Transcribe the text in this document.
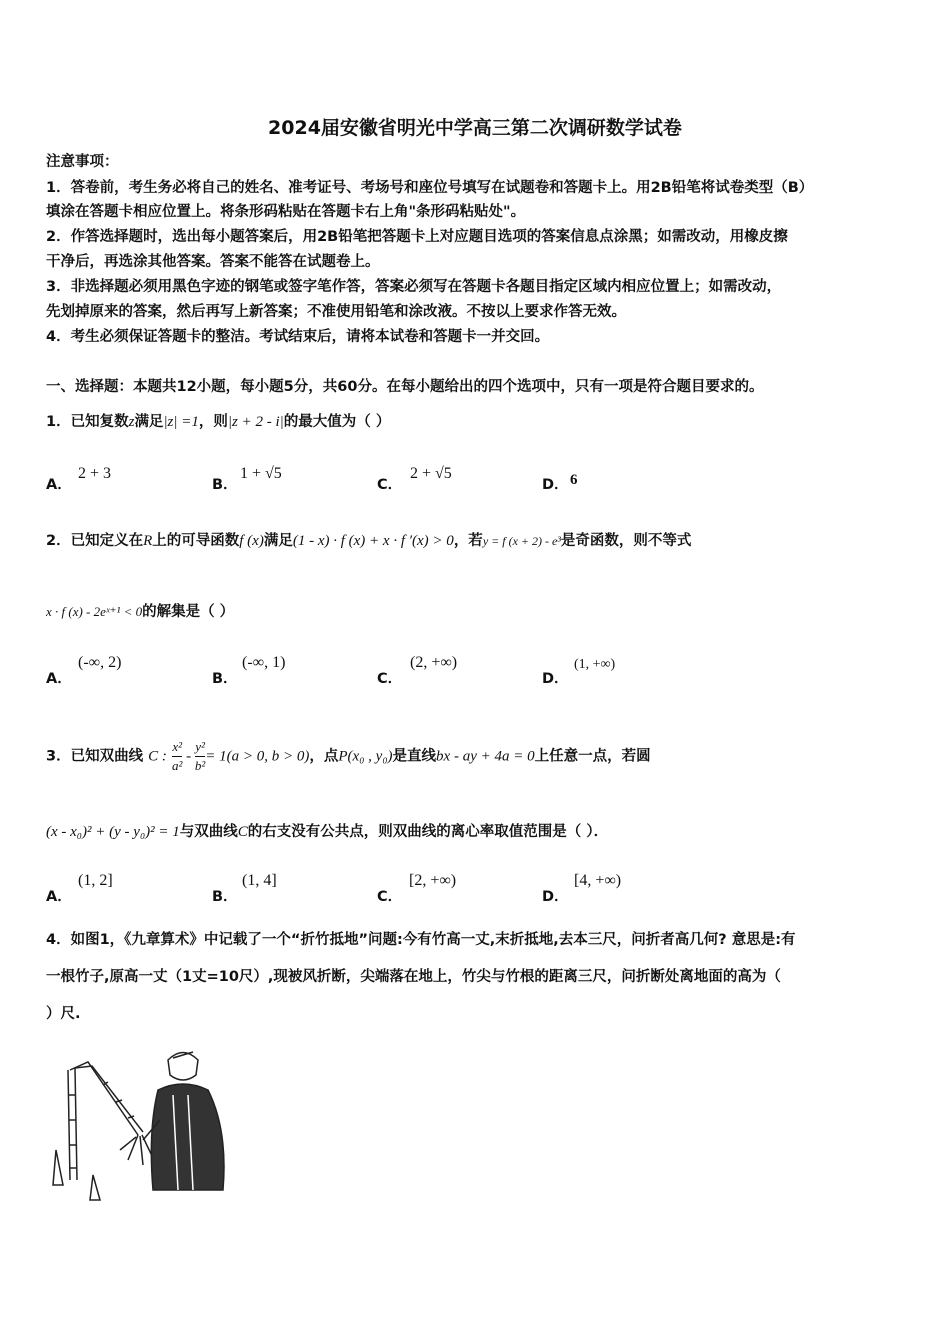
2024届安徽省明光中学高三第二次调研数学试卷
注意事项：
1．答卷前，考生务必将自己的姓名、准考证号、考场号和座位号填写在试题卷和答题卡上。用2B铅笔将试卷类型（B）
填涂在答题卡相应位置上。将条形码粘贴在答题卡右上角"条形码粘贴处"。
2．作答选择题时，选出每小题答案后，用2B铅笔把答题卡上对应题目选项的答案信息点涂黑；如需改动，用橡皮擦
干净后，再选涂其他答案。答案不能答在试题卷上。
3．非选择题必须用黑色字迹的钢笔或签字笔作答，答案必须写在答题卡各题目指定区域内相应位置上；如需改动，
先划掉原来的答案，然后再写上新答案；不准使用铅笔和涂改液。不按以上要求作答无效。
4．考生必须保证答题卡的整洁。考试结束后，请将本试卷和答题卡一并交回。
一、选择题：本题共12小题，每小题5分，共60分。在每小题给出的四个选项中，只有一项是符合题目要求的。
1．已知复数z满足|z| =1，则|z + 2 - i|的最大值为（ ）
A．
2 + 3
B．
1 + √5
C．
2 + √5
D． 6
2．已知定义在R上的可导函数f (x)满足(1 - x) · f (x) + x · f ′(x) > 0，若y = f (x + 2) - e³是奇函数，则不等式
x · f (x) - 2eˣ⁺¹ < 0的解集是（ ）
A．
(-∞, 2)
B．
(-∞, 1)
C．
(2, +∞)
D．
(1, +∞)
3．已知双曲线 C : $\frac{\text{x²}}{\text{a²}} - \frac{\text{y²}}{\text{b²}} = 1(a > 0$, b > 0)，点P(x₀ , y₀)是直线bx - ay + 4a = 0上任意一点，若圆
(x - x₀)² + (y - y₀)² = 1与双曲线C的右支没有公共点，则双曲线的离心率取值范围是（ ）．
A．
(1, 2]
B．
(1, 4]
C．
[2, +∞)
D．
[4, +∞)
4．如图1，《九章算术》中记载了一个“折竹抵地”问题:今有竹高一丈,末折抵地,去本三尺，问折者高几何? 意思是:有
一根竹子,原高一丈（1丈=10尺）,现被风折断，尖端落在地上，竹尖与竹根的距离三尺，问折断处离地面的高为（
）尺.
